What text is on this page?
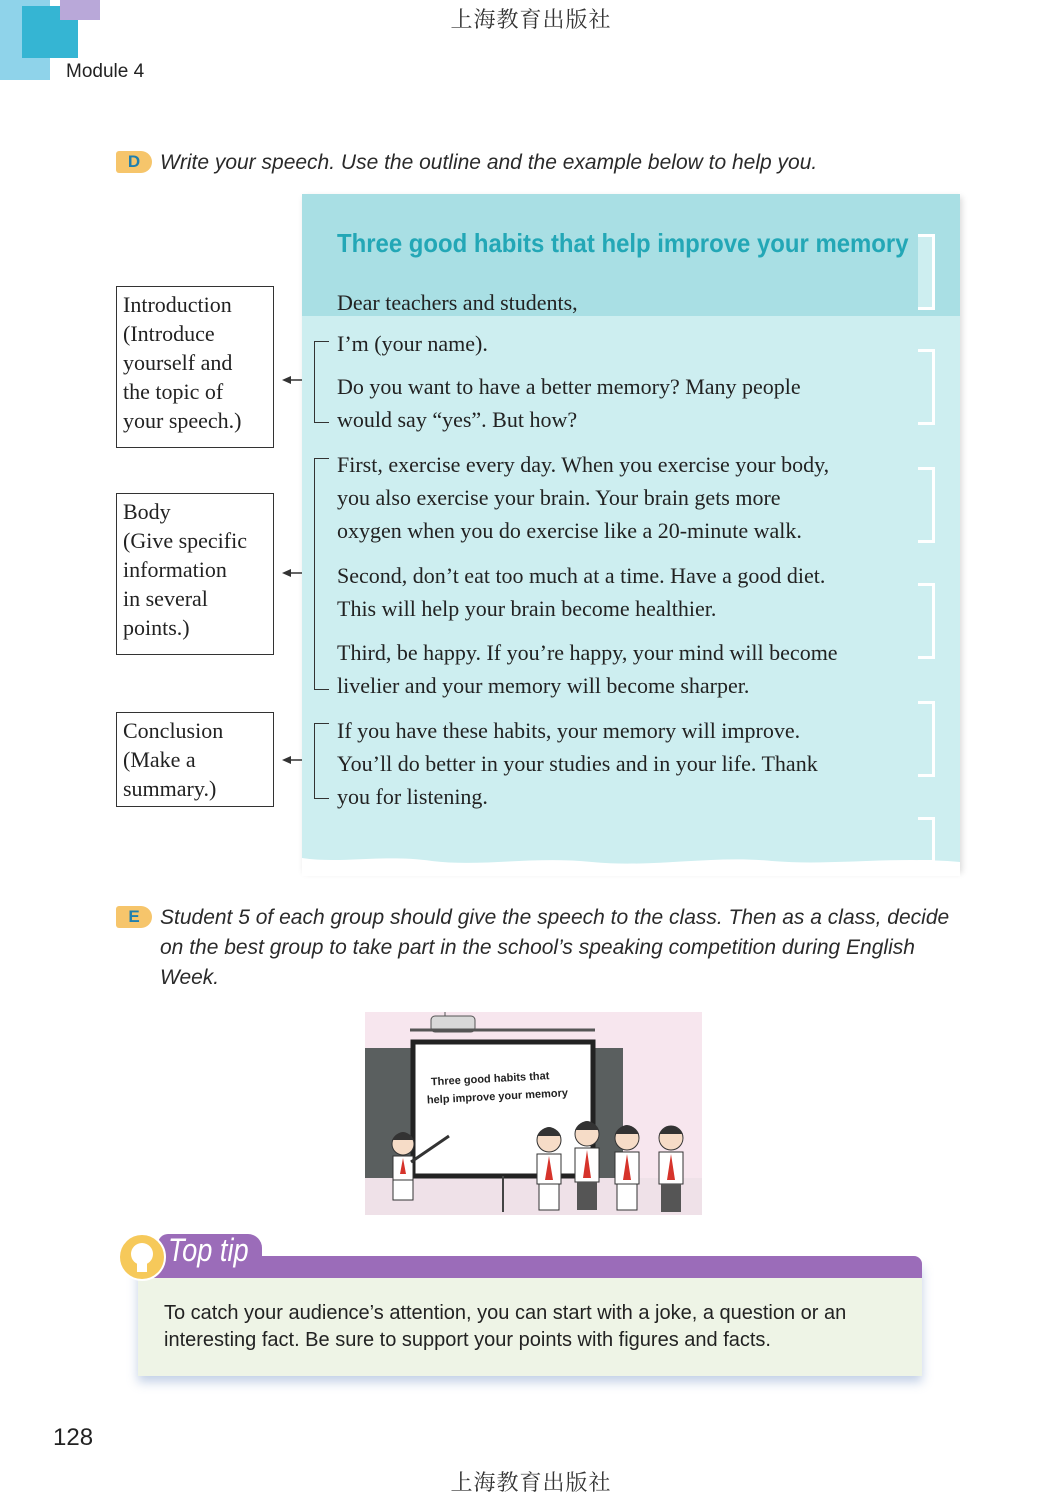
上海教育出版社
Module 4
D Write your speech. Use the outline and the example below to help you.
Introduction
(Introduce
yourself and
the topic of
your speech.)
Body
(Give specific
information
in several
points.)
Conclusion
(Make a
summary.)
Three good habits that help improve your memory
Dear teachers and students,
I’m (your name).
Do you want to have a better memory? Many people
would say “yes”. But how?
First, exercise every day. When you exercise your body,
you also exercise your brain. Your brain gets more
oxygen when you do exercise like a 20-minute walk.
Second, don’t eat too much at a time. Have a good diet.
This will help your brain become healthier.
Third, be happy. If you’re happy, your mind will become
livelier and your memory will become sharper.
If you have these habits, your memory will improve.
You’ll do better in your studies and in your life. Thank
you for listening.
E Student 5 of each group should give the speech to the class. Then as a class, decide
on the best group to take part in the school’s speaking competition during English
Week.
Three good habits that
help improve your memory
Top tip
To catch your audience’s attention, you can start with a joke, a question or an
interesting fact. Be sure to support your points with figures and facts.
128
上海教育出版社
